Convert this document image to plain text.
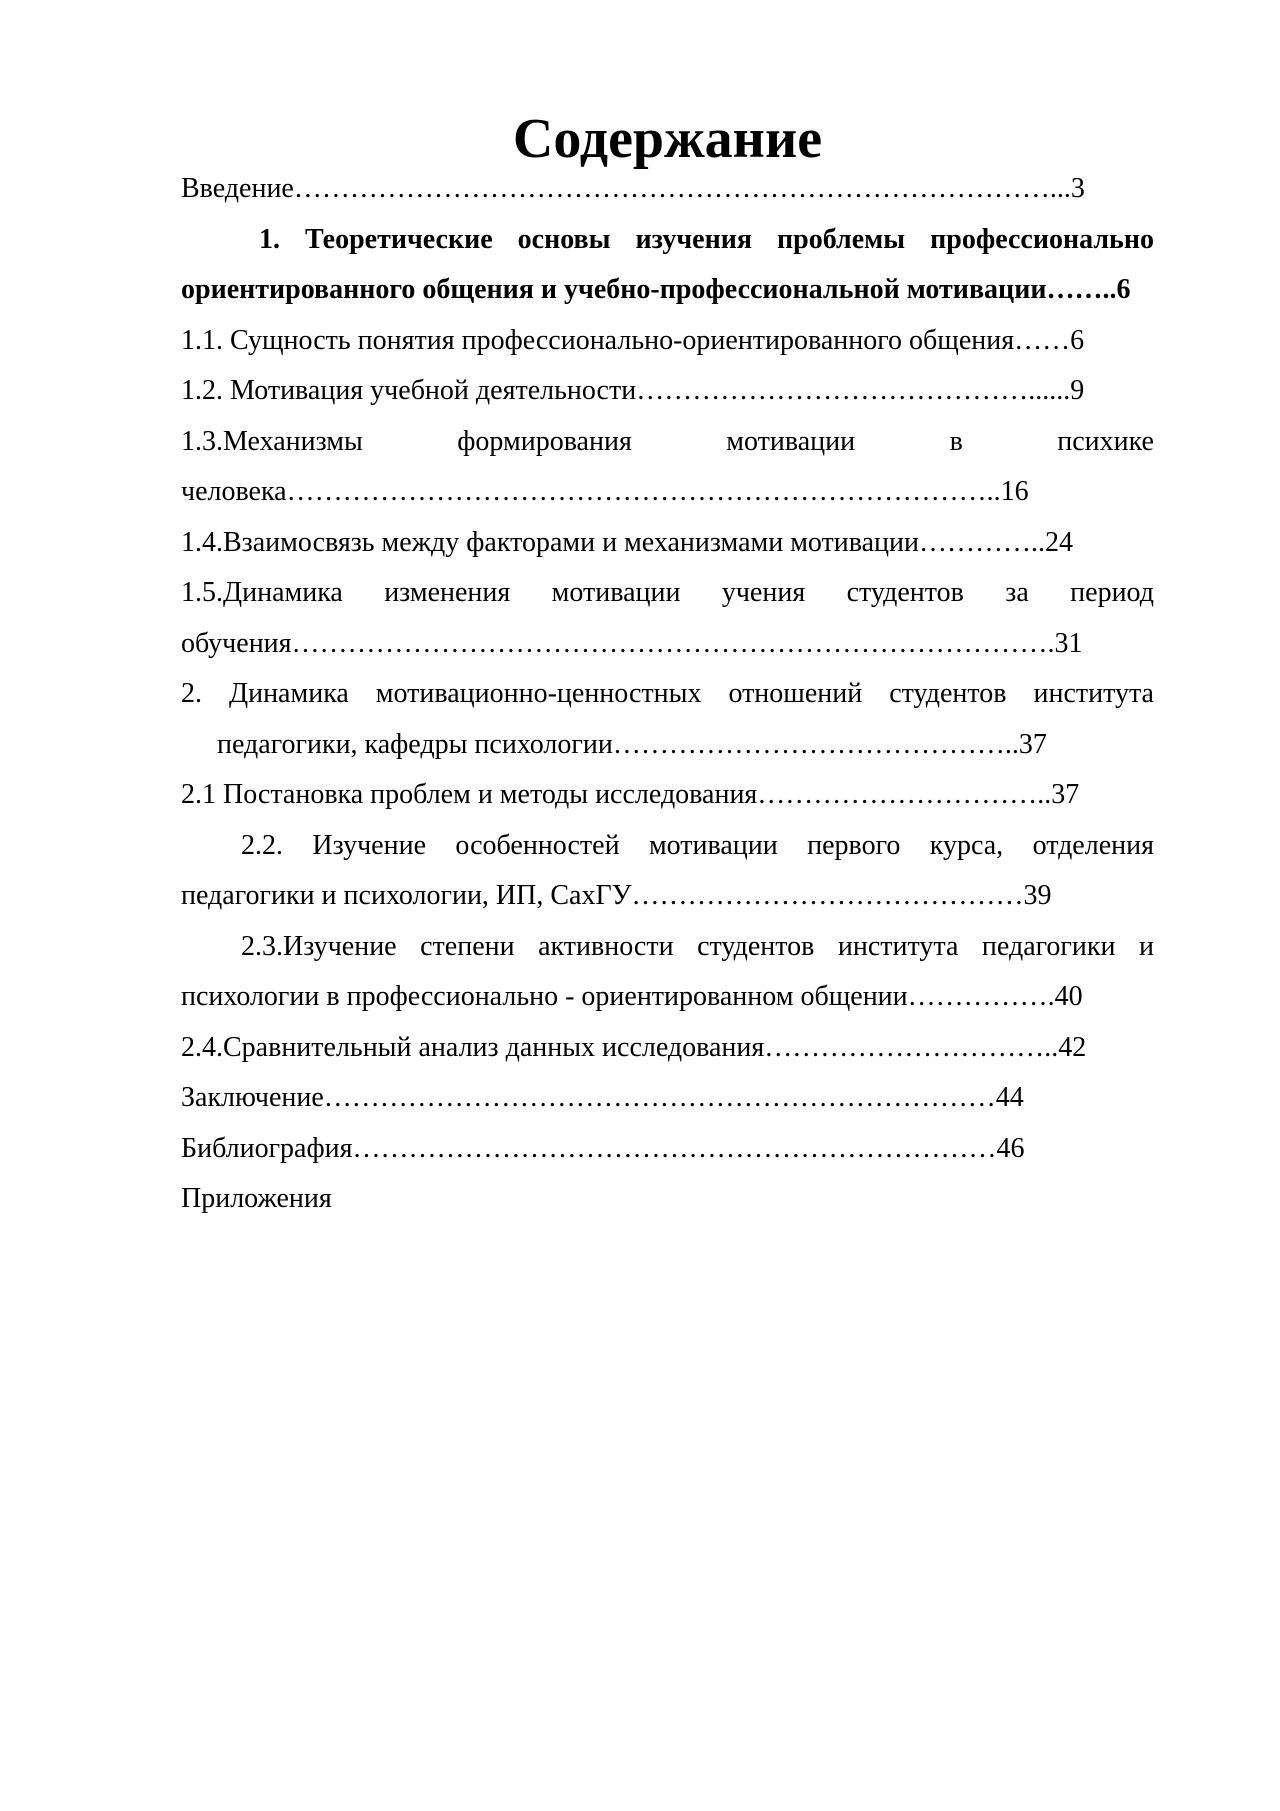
Содержание

Введение………………………………………………………………………...3

1. Теоретические основы изучения проблемы профессионально ориентированного общения и учебно-профессиональной мотивации……..6

1.1. Сущность понятия профессионально-ориентированного общения……6

1.2. Мотивация учебной деятельности……………………………………......9

1.3.Механизмы формирования мотивации в психике человека…………………………………………………………………..16

1.4.Взаимосвязь между факторами и механизмами мотивации…………..24

1.5.Динамика изменения мотивации учения студентов за период обучения……………………………………………………………………….31

2. Динамика мотивационно-ценностных отношений студентов института педагогики, кафедры психологии……………………………………..37

2.1 Постановка проблем и методы исследования…………………………..37

2.2. Изучение особенностей мотивации первого курса, отделения педагогики и психологии, ИП, СахГУ……………………………………39

2.3.Изучение степени активности студентов института педагогики и психологии в профессионально - ориентированном общении…………….40

2.4.Сравнительный анализ данных исследования…………………………..42

Заключение………………………………………………………………44

Библиография……………………………………………………………46

Приложения
